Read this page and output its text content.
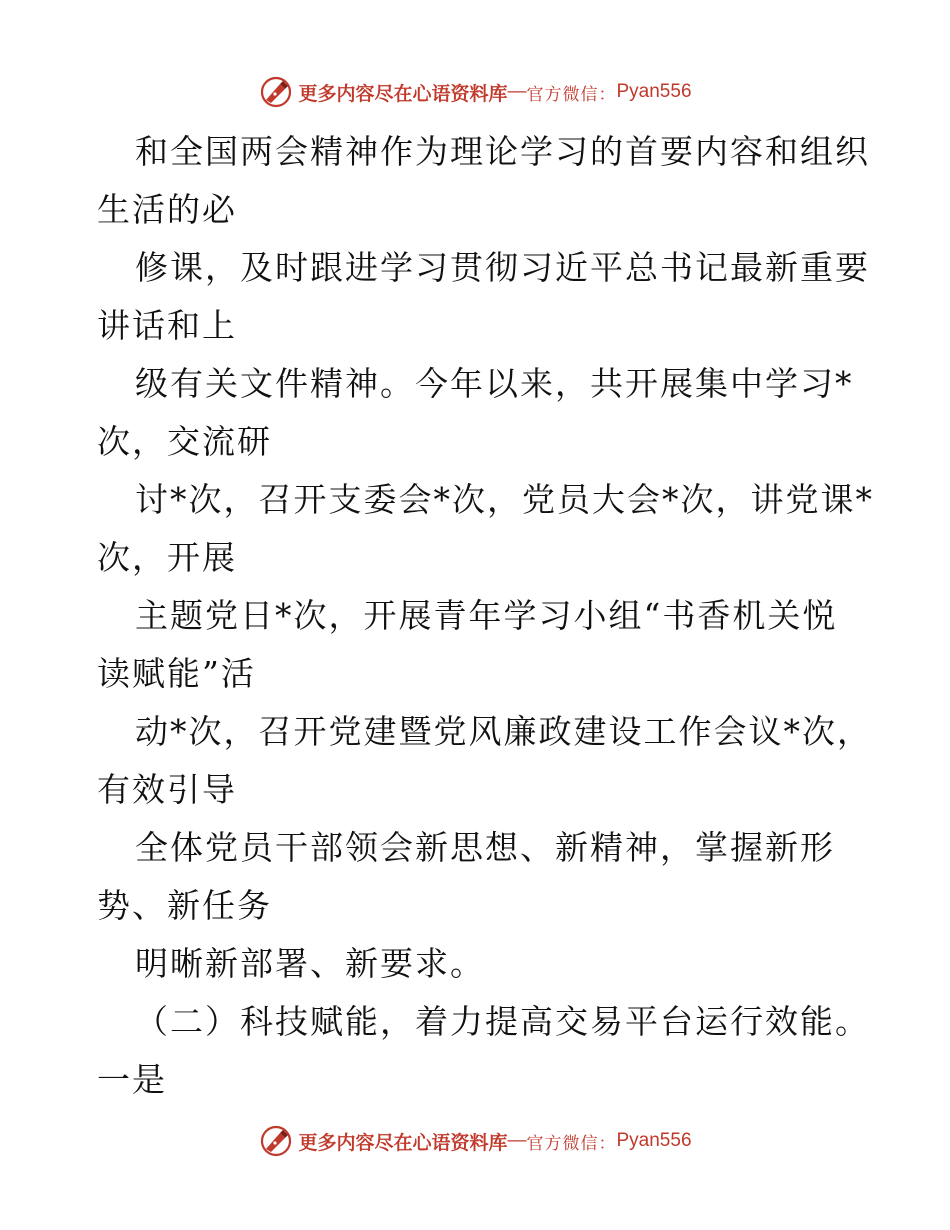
更多内容尽在心语资料库 — 官方微信： Pyan556
和全国两会精神作为理论学习的首要内容和组织
生活的必
修课，及时跟进学习贯彻习近平总书记最新重要
讲话和上
级有关文件精神。今年以来，共开展集中学习*
次，交流研
讨*次，召开支委会*次，党员大会*次，讲党课*
次，开展
主题党日*次，开展青年学习小组“书香机关悦
读赋能”活
动*次，召开党建暨党风廉政建设工作会议*次，
有效引导
全体党员干部领会新思想、新精神，掌握新形
势、新任务
明晰新部署、新要求。
（二）科技赋能，着力提高交易平台运行效能。
一是
更多内容尽在心语资料库 — 官方微信： Pyan556
